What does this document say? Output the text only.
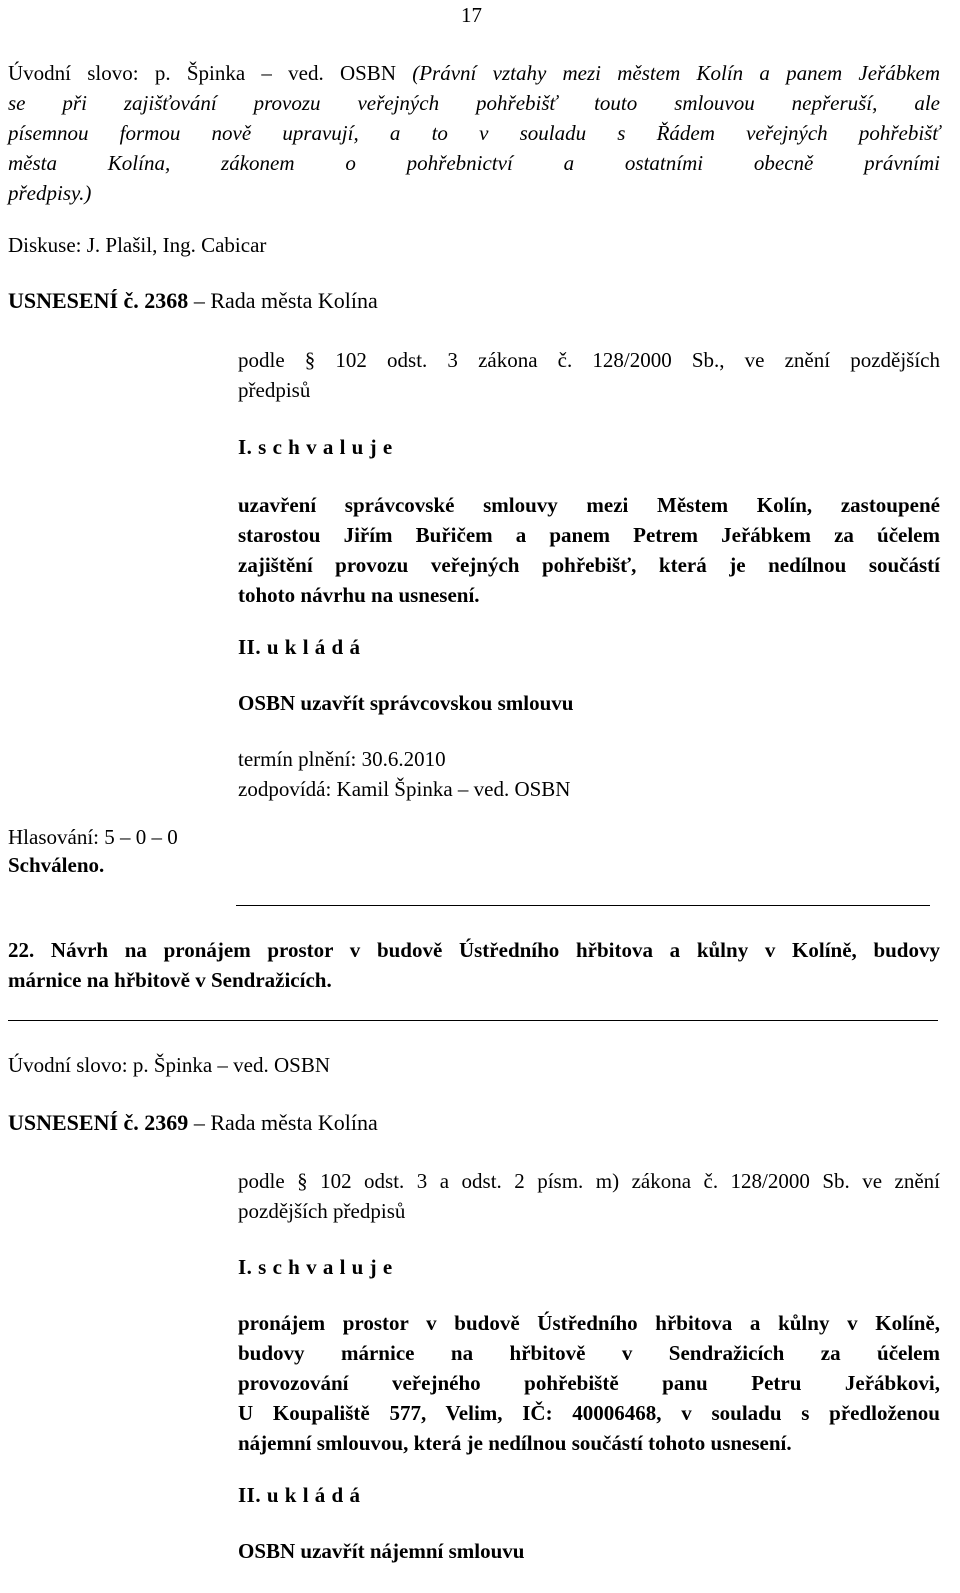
17
Úvodní slovo: p. Špinka – ved. OSBN (Právní vztahy mezi městem Kolín a panem Jeřábkem
se při zajišťování provozu veřejných pohřebišť touto smlouvou nepřeruší, ale
písemnou formou nově upravují, a to v souladu s Řádem veřejných pohřebišť
města Kolína, zákonem o pohřebnictví a ostatními obecně právními
předpisy.)
Diskuse: J. Plašil, Ing. Cabicar
USNESENÍ č. 2368 – Rada města Kolína
podle § 102 odst. 3 zákona č. 128/2000 Sb., ve znění pozdějších
předpisů
I. s c h v a l u j e
uzavření správcovské smlouvy mezi Městem Kolín, zastoupené
starostou Jiřím Buřičem a panem Petrem Jeřábkem za účelem
zajištění provozu veřejných pohřebišť, která je nedílnou součástí
tohoto návrhu na usnesení.
II. u k l á d á
OSBN uzavřít správcovskou smlouvu
termín plnění: 30.6.2010
zodpovídá: Kamil Špinka – ved. OSBN
Hlasování: 5 – 0 – 0
Schváleno.
22. Návrh na pronájem prostor v budově Ústředního hřbitova a kůlny v Kolíně, budovy
márnice na hřbitově v Sendražicích.
Úvodní slovo: p. Špinka – ved. OSBN
USNESENÍ č. 2369 – Rada města Kolína
podle § 102 odst. 3 a odst. 2 písm. m) zákona č. 128/2000 Sb. ve znění
pozdějších předpisů
I. s c h v a l u j e
pronájem prostor v budově Ústředního hřbitova a kůlny v Kolíně,
budovy márnice na hřbitově v Sendražicích za účelem
provozování veřejného pohřebiště panu Petru Jeřábkovi,
U Koupaliště 577, Velim, IČ: 40006468, v souladu s předloženou
nájemní smlouvou, která je nedílnou součástí tohoto usnesení.
II. u k l á d á
OSBN uzavřít nájemní smlouvu
